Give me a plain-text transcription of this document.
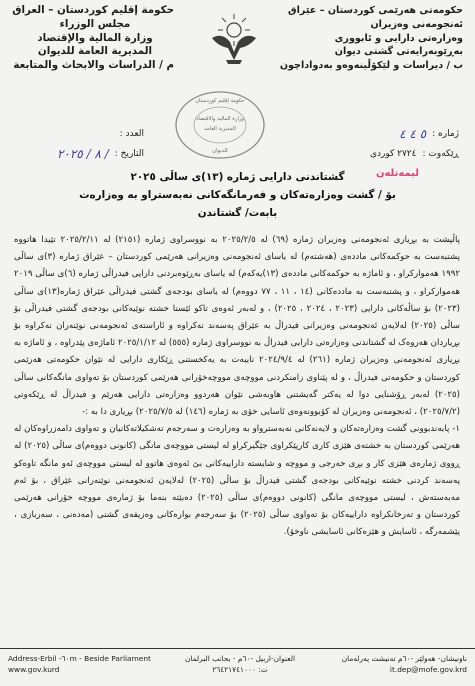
حكومة إقليم كوردستان – العراق
مجلس الوزراء
وزارة المالية والإقتصاد
المديرية العامة للديوان
م / الدراسات والابحاث والمتابعة
حكومەتی هەرێمی کوردستان – عێراق
ئەنجومەنی وەزیران
وەزارەتی دارایی و ئابووری
بەڕێوبەرایەتی گشتی دیوان
ب / دیراسات و لێکۆڵینەوەو بەدواداچون
حكومة إقليم كوردستان
وزارة المالية والاقتصاد
المديرية العامة
للديوان
العدد :
التاريخ :
/ ٨ / ٢٠٢٥
ژمارە :
٥ ٤ ٤
ڕێکەوت :
٢٧٢٤ کوردی
لیمەتلەن
گشتاندنی دارایی ژمارە (١٣)ی ساڵی ٢٠٢٥
بۆ / گشت وەزارەتەکان و فەرمانگەکانی نەبەستراو بە وەزارەت
بابەت/ گشتاندن

پاڵپشت بە بڕیاری ئەنجومەنی وەزیران ژمارە (٦٩) لە ٢٠٢٥/٢/٥ بە نووسراوی ژمارە (٢١٥١) لە ٢٠٢٥/٢/١١ تێیدا هاتووە پشتبەست بە حوکمەکانی ماددەی (هەشتەم) لە یاسای ئەنجومەنی وەزیرانی هەرێمی کوردستان – عێراق ژمارە (٣)ی ساڵی ١٩٩٢ هەموارکراو ، و ئاماژە بە حوکمەکانی ماددەی (١٣)یەکەم) لە یاسای بەڕێوەبردنی دارایی فیدراڵی ژمارە (٦)ی ساڵی ٢٠١٩ هەموارکراو ، و پشتبەست بە ماددەکانی (١٤ ، ١١ ، ٧٧ دووەم) لە یاسای بودجەی گشتی فیدراڵی عێراق ژمارە(١٣)ی ساڵی (٢٠٢٣) بۆ ساڵەکانی دارایی (٢٠٢٣ ، ٢٠٢٤ ، ٢٠٢٥) ، و لەبەر ئەوەی تاکو ئێستا خشتە نوێیەکانی بودجەی گشتی فیدراڵی بۆ ساڵی (٢٠٢٥) لەلایەن ئەنجومەنی وەزیرانی فیدراڵ بە عێراق پەسەند نەکراوە و ئاراستەی ئەنجومەنی نوێنەران نەکراوە بۆ بڕیاردان هەروەک لە گشتاندنی وەزارەتی دارایی فیدراڵ بە نووسراوی ژمارە (٥٥٥) لە ٢٠٢٥/١/١٢ ئاماژەی پێدراوە ، و ئاماژە بە بڕیاری ئەنجومەنی وەزیران ژمارە (٢٦١) لە ٢٠٢٤/٩/٤ تایبەت بە یەکخستنی ڕێکاری دارایی لە نێوان حکومەتی هەرێمی کوردستان و حکومەتی فیدراڵ ، و لە پێناوی زامنکردنی مووچەی مووچەخۆرانی هەرێمی کوردستان بۆ تەواوی مانگەکانی ساڵی (٢٠٢٥) لەبەر ڕۆشنایی دوا لە یەکتر گەیشتنی هاوبەشی نێوان هەردوو وەزارەتی دارایی هەرێم و فیدراڵ لە ڕێکەوتی (٢٠٢٥/٧/٢) ، ئەنجومەنی وەزیران لە کۆبوونەوەی ئاسایی خۆی بە ژمارە (١٤٦) لە ٢٠٢٥/٧/٥) بڕیاری دا بە :-

١- پابەندبوونی گشت وەزارەتەکان و لایەنەکانی نەبەسترواو بە وەزارەت و سەرجەم تەشکیلاتەکانیان و تەواوی دامەزراوەکان لە هەرێمی کوردستان بە خشتەی هێزی کاری کارپێکراوی جێگیرکراو لە لیستی مووچەی مانگی (کانونی دووەم)ی ساڵی (٢٠٢٥) لە ڕووی ژمارەی هێزی کار و بڕی خەرجی و مووچە و شایستە داراییەکانی بێ ئەوەی هاتوو لە لیستی مووچەی ئەو مانگە تاوەکو پەسەند کردنی خشتە نوێیەکانی بودجەی گشتی فیدراڵ بۆ ساڵی (٢٠٢٥) لەلایەن ئەنجومەنی نوێنەرانی عێراق ، بۆ ئەم مەبەستەش ، لیستی مووچەی مانگی (کانونی دووەم)ی ساڵی (٢٠٢٥) دەبێتە بنەما بۆ ژمارەی مووچە خۆرانی هەرێمی کوردستان و تەرخانکراوە داراییەکان بۆ تەواوی ساڵی (٢٠٢٥) بۆ سەرجەم بوارەکانی وەزیفەی گشتی (مەدەنی ، سەربازی ، پێشمەرگە ، ئاسایش و هێزەکانی ئاسایشی ناوخۆ).

Address-Erbil -٦٠m - Beside Parliament
www.gov.kurd
العنوان-اربيل -٦٠م - بجانب البرلمان
ت: ٢٦٤٢١٧٤١٠٠٠
ناونیشان- هەولێر -٦٠م تەنیشت پەرلەمان
it.dep@mofe.gov.krd
